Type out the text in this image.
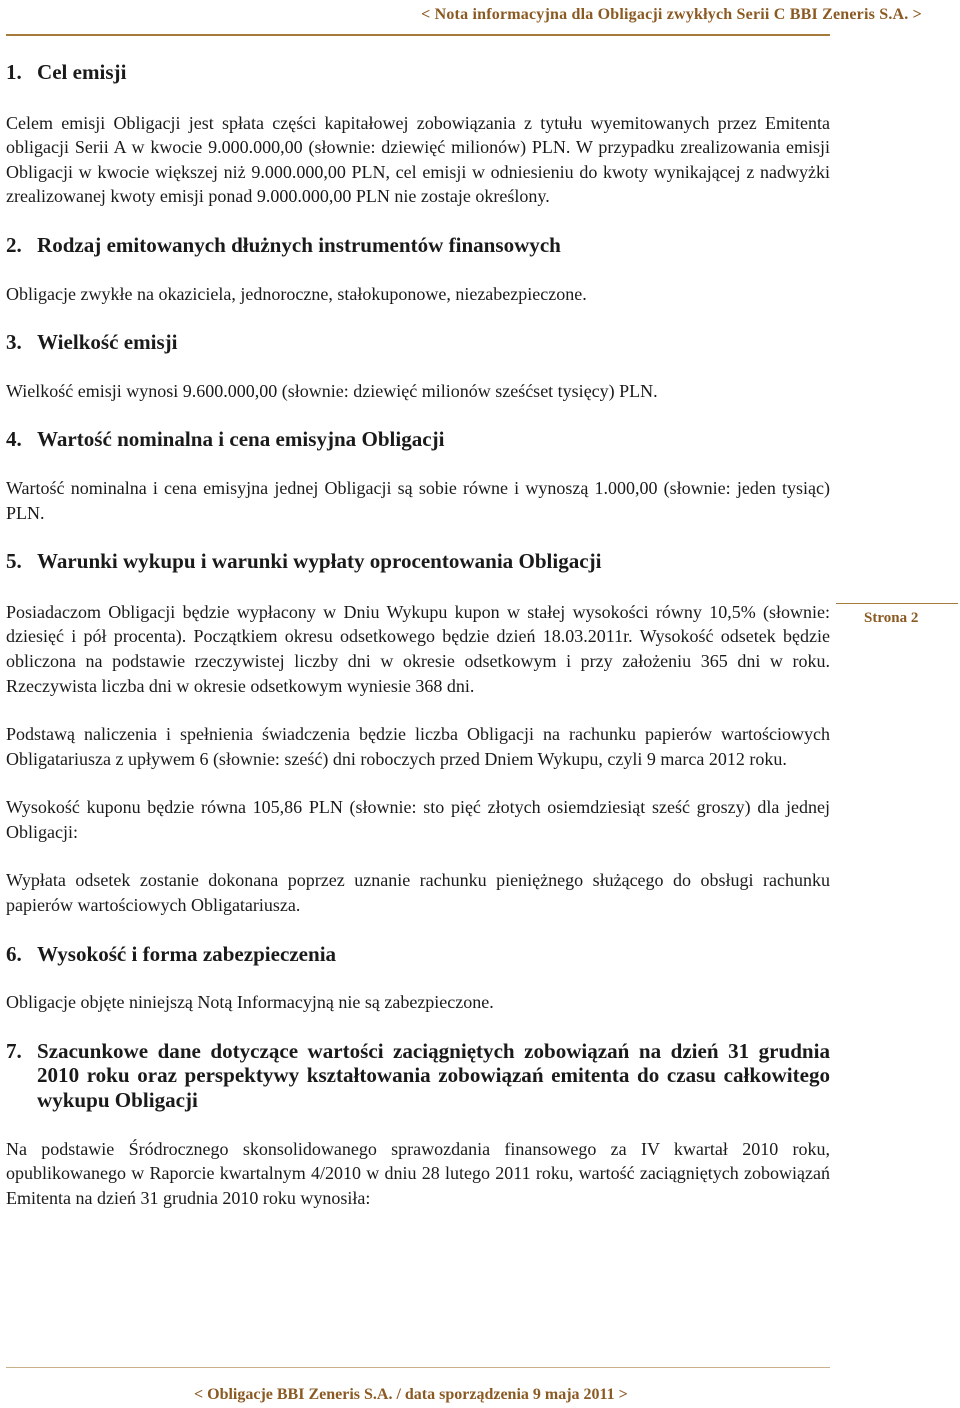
< Nota informacyjna dla Obligacji zwykłych Serii C BBI Zeneris S.A. >
1. Cel emisji

Celem emisji Obligacji jest spłata części kapitałowej zobowiązania z tytułu wyemitowanych przez Emitenta obligacji Serii A w kwocie 9.000.000,00 (słownie: dziewięć milionów) PLN. W przypadku zrealizowania emisji Obligacji w kwocie większej niż 9.000.000,00 PLN, cel emisji w odniesieniu do kwoty wynikającej z nadwyżki zrealizowanej kwoty emisji ponad 9.000.000,00 PLN nie zostaje określony.

2. Rodzaj emitowanych dłużnych instrumentów finansowych

Obligacje zwykłe na okaziciela, jednoroczne, stałokuponowe, niezabezpieczone.

3. Wielkość emisji

Wielkość emisji wynosi 9.600.000,00 (słownie: dziewięć milionów sześćset tysięcy) PLN.

4. Wartość nominalna i cena emisyjna Obligacji

Wartość nominalna i cena emisyjna jednej Obligacji są sobie równe i wynoszą 1.000,00 (słownie: jeden tysiąc) PLN.

5. Warunki wykupu i warunki wypłaty oprocentowania Obligacji

Posiadaczom Obligacji będzie wypłacony w Dniu Wykupu kupon w stałej wysokości równy 10,5% (słownie: dziesięć i pół procenta). Początkiem okresu odsetkowego będzie dzień 18.03.2011r. Wysokość odsetek będzie obliczona na podstawie rzeczywistej liczby dni w okresie odsetkowym i przy założeniu 365 dni w roku. Rzeczywista liczba dni w okresie odsetkowym wyniesie 368 dni.

Podstawą naliczenia i spełnienia świadczenia będzie liczba Obligacji na rachunku papierów wartościowych Obligatariusza z upływem 6 (słownie: sześć) dni roboczych przed Dniem Wykupu, czyli 9 marca 2012 roku.

Wysokość kuponu będzie równa 105,86 PLN (słownie: sto pięć złotych osiemdziesiąt sześć groszy) dla jednej Obligacji:

Wypłata odsetek zostanie dokonana poprzez uznanie rachunku pieniężnego służącego do obsługi rachunku papierów wartościowych Obligatariusza.

6. Wysokość i forma zabezpieczenia

Obligacje objęte niniejszą Notą Informacyjną nie są zabezpieczone.

7. Szacunkowe dane dotyczące wartości zaciągniętych zobowiązań na dzień 31 grudnia 2010 roku oraz perspektywy kształtowania zobowiązań emitenta do czasu całkowitego wykupu Obligacji

Na podstawie Śródrocznego skonsolidowanego sprawozdania finansowego za IV kwartał 2010 roku, opublikowanego w Raporcie kwartalnym 4/2010 w dniu 28 lutego 2011 roku, wartość zaciągniętych zobowiązań Emitenta na dzień 31 grudnia 2010 roku wynosiła:

Strona 2
< Obligacje BBI Zeneris S.A. / data sporządzenia 9 maja 2011 >
